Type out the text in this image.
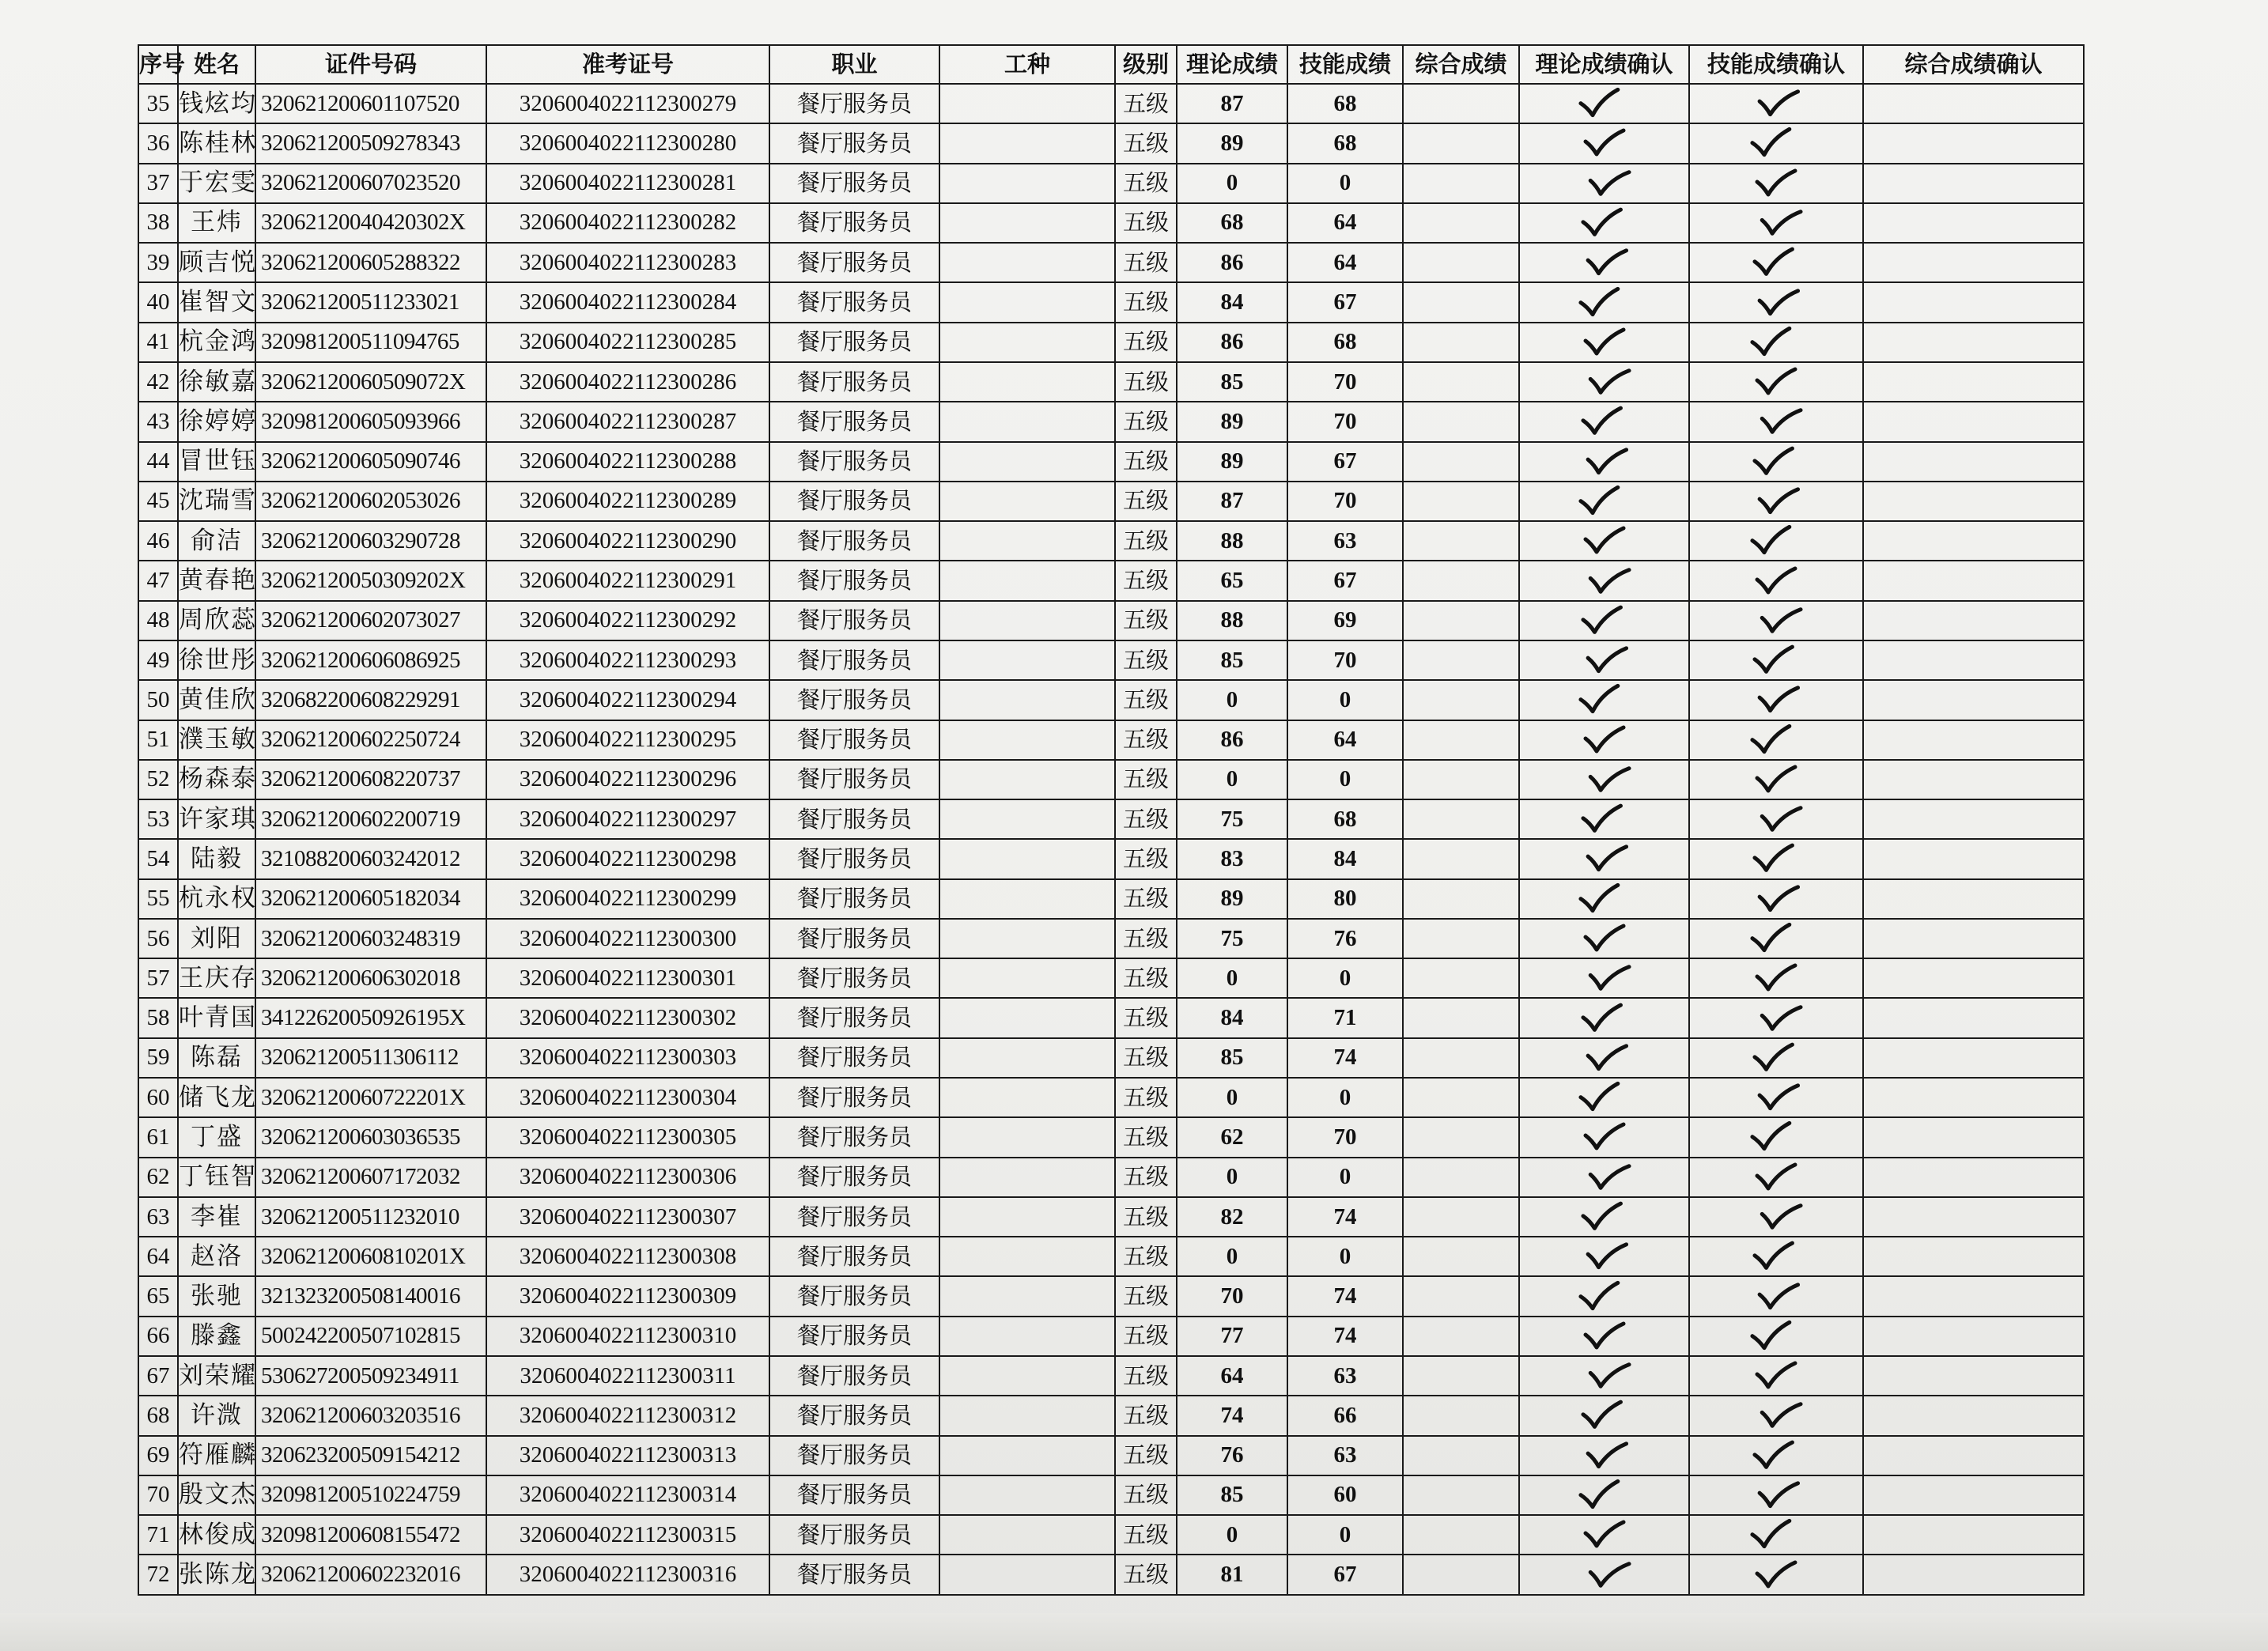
序号	姓名	证件号码	准考证号	职业	工种	级别	理论成绩	技能成绩	综合成绩	理论成绩确认	技能成绩确认	综合成绩确认
35	钱炫均	320621200601107520	3206004022112300279	餐厅服务员		五级	87	68				
36	陈桂林	320621200509278343	3206004022112300280	餐厅服务员		五级	89	68				
37	于宏雯	320621200607023520	3206004022112300281	餐厅服务员		五级	0	0				
38	王炜	32062120040420302X	3206004022112300282	餐厅服务员		五级	68	64				
39	顾吉悦	320621200605288322	3206004022112300283	餐厅服务员		五级	86	64				
40	崔智文	320621200511233021	3206004022112300284	餐厅服务员		五级	84	67				
41	杭金鸿	320981200511094765	3206004022112300285	餐厅服务员		五级	86	68				
42	徐敏嘉	32062120060509072X	3206004022112300286	餐厅服务员		五级	85	70				
43	徐婷婷	320981200605093966	3206004022112300287	餐厅服务员		五级	89	70				
44	冒世钰	320621200605090746	3206004022112300288	餐厅服务员		五级	89	67				
45	沈瑞雪	320621200602053026	3206004022112300289	餐厅服务员		五级	87	70				
46	俞洁	320621200603290728	3206004022112300290	餐厅服务员		五级	88	63				
47	黄春艳	32062120050309202X	3206004022112300291	餐厅服务员		五级	65	67				
48	周欣蕊	320621200602073027	3206004022112300292	餐厅服务员		五级	88	69				
49	徐世彤	320621200606086925	3206004022112300293	餐厅服务员		五级	85	70				
50	黄佳欣	320682200608229291	3206004022112300294	餐厅服务员		五级	0	0				
51	濮玉敏	320621200602250724	3206004022112300295	餐厅服务员		五级	86	64				
52	杨森泰	320621200608220737	3206004022112300296	餐厅服务员		五级	0	0				
53	许家琪	320621200602200719	3206004022112300297	餐厅服务员		五级	75	68				
54	陆毅	321088200603242012	3206004022112300298	餐厅服务员		五级	83	84				
55	杭永权	320621200605182034	3206004022112300299	餐厅服务员		五级	89	80				
56	刘阳	320621200603248319	3206004022112300300	餐厅服务员		五级	75	76				
57	王庆存	320621200606302018	3206004022112300301	餐厅服务员		五级	0	0				
58	叶青国	34122620050926195X	3206004022112300302	餐厅服务员		五级	84	71				
59	陈磊	320621200511306112	3206004022112300303	餐厅服务员		五级	85	74				
60	储飞龙	32062120060722201X	3206004022112300304	餐厅服务员		五级	0	0				
61	丁盛	320621200603036535	3206004022112300305	餐厅服务员		五级	62	70				
62	丁钰智	320621200607172032	3206004022112300306	餐厅服务员		五级	0	0				
63	李崔	320621200511232010	3206004022112300307	餐厅服务员		五级	82	74				
64	赵洛	32062120060810201X	3206004022112300308	餐厅服务员		五级	0	0				
65	张驰	321323200508140016	3206004022112300309	餐厅服务员		五级	70	74				
66	滕鑫	500242200507102815	3206004022112300310	餐厅服务员		五级	77	74				
67	刘荣耀	530627200509234911	3206004022112300311	餐厅服务员		五级	64	63				
68	许溦	320621200603203516	3206004022112300312	餐厅服务员		五级	74	66				
69	符雁麟	320623200509154212	3206004022112300313	餐厅服务员		五级	76	63				
70	殷文杰	320981200510224759	3206004022112300314	餐厅服务员		五级	85	60				
71	林俊成	320981200608155472	3206004022112300315	餐厅服务员		五级	0	0				
72	张陈龙	320621200602232016	3206004022112300316	餐厅服务员		五级	81	67				
